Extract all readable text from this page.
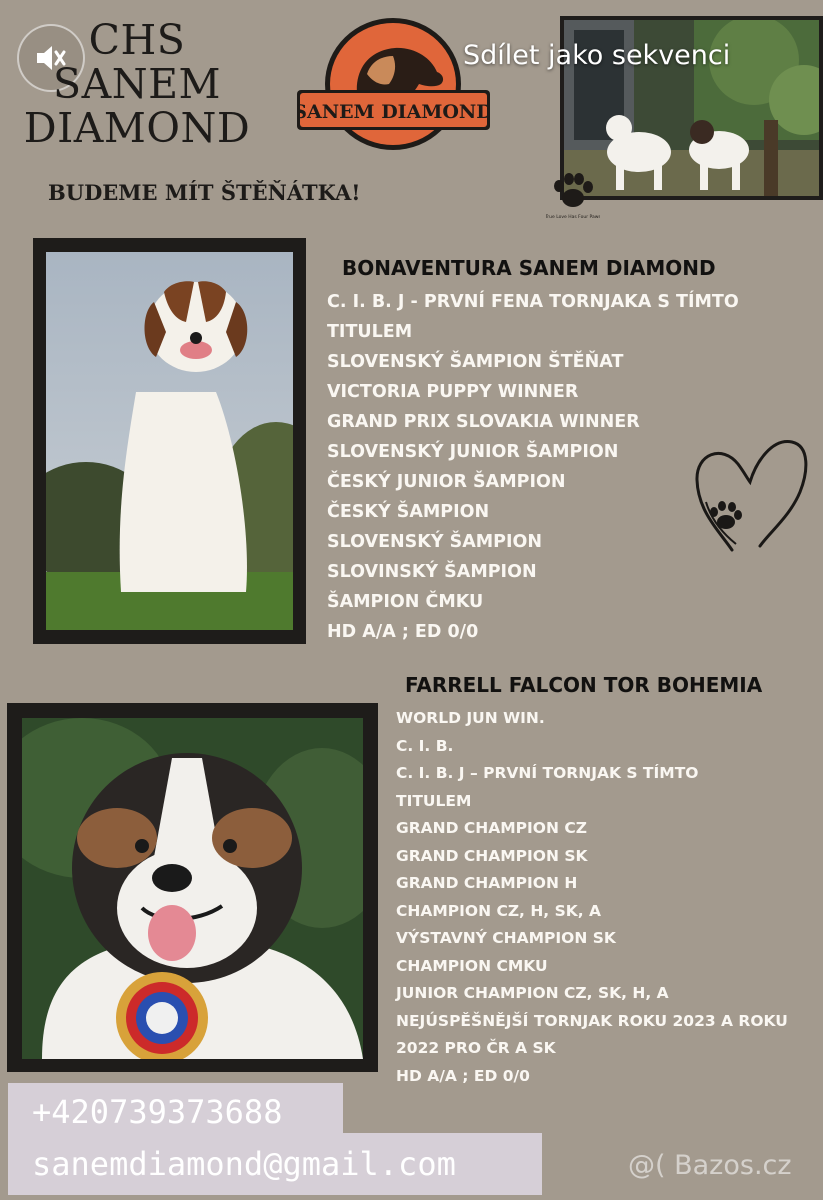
CHS
SANEM
DIAMOND SANEM DIAMOND
True Love Has Four Paws
Sdílet jako sekvenci
BUDEME MÍT ŠTĚŇÁTKA!
BONAVENTURA SANEM DIAMOND
C. I. B. J - PRVNÍ FENA TORNJAKA S TÍMTO TITULEM
SLOVENSKÝ ŠAMPION ŠTĚŇAT
VICTORIA PUPPY WINNER
GRAND PRIX SLOVAKIA WINNER
SLOVENSKÝ JUNIOR ŠAMPION
ČESKÝ JUNIOR ŠAMPION
ČESKÝ ŠAMPION
SLOVENSKÝ ŠAMPION
SLOVINSKÝ ŠAMPION
ŠAMPION ČMKU
HD A/A ; ED 0/0
FARRELL FALCON TOR BOHEMIA
WORLD JUN WIN.
C. I. B.
C. I. B. J – PRVNÍ TORNJAK S TÍMTO TITULEM
GRAND CHAMPION CZ
GRAND CHAMPION SK
GRAND CHAMPION H
CHAMPION CZ, H, SK, A
VÝSTAVNÝ CHAMPION SK
CHAMPION CMKU
JUNIOR CHAMPION CZ, SK, H, A
NEJÚSPĚŠNĚJŠÍ TORNJAK ROKU 2023 A ROKU 2022 PRO ČR A SK
HD A/A ; ED 0/0
sanemdiamond@gmail.com
+420739373688
@( Bazos.cz
